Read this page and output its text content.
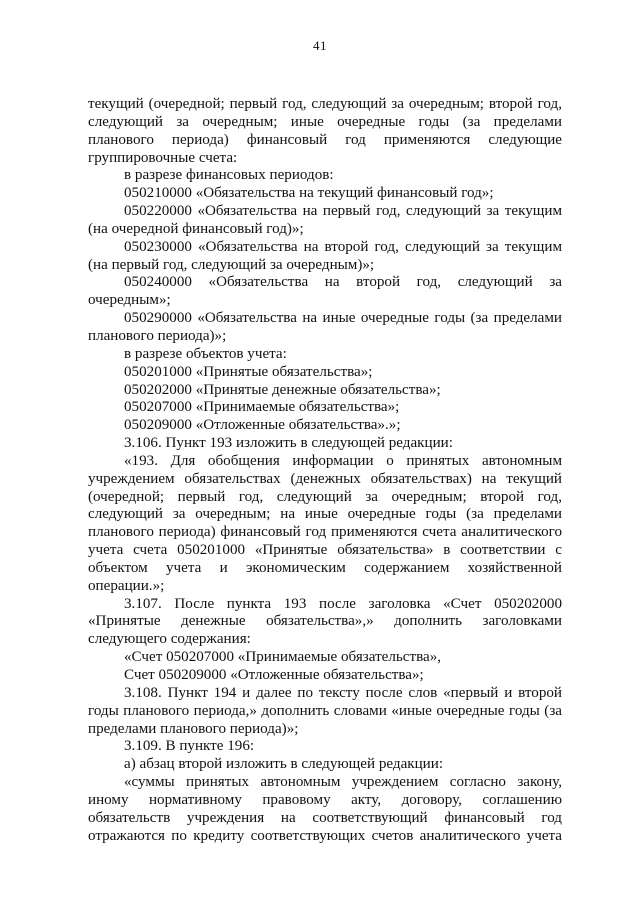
41

текущий (очередной; первый год, следующий за очередным; второй год, следующий за очередным; иные очередные годы (за пределами планового периода) финансовый год применяются следующие группировочные счета:

в разрезе финансовых периодов:

050210000 «Обязательства на текущий финансовый год»;

050220000 «Обязательства на первый год, следующий за текущим (на очередной финансовый год)»;

050230000 «Обязательства на второй год, следующий за текущим (на первый год, следующий за очередным)»;

050240000 «Обязательства на второй год, следующий за очередным»;

050290000 «Обязательства на иные очередные годы (за пределами планового периода)»;

в разрезе объектов учета:

050201000 «Принятые обязательства»;

050202000 «Принятые денежные обязательства»;

050207000 «Принимаемые обязательства»;

050209000 «Отложенные обязательства».»;

3.106. Пункт 193 изложить в следующей редакции:

«193. Для обобщения информации о принятых автономным учреждением обязательствах (денежных обязательствах) на текущий (очередной; первый год, следующий за очередным; второй год, следующий за очередным; на иные очередные годы (за пределами планового периода) финансовый год применяются счета аналитического учета счета 050201000 «Принятые обязательства» в соответствии с объектом учета и экономическим содержанием хозяйственной операции.»;

3.107. После пункта 193 после заголовка «Счет 050202000 «Принятые денежные обязательства»,» дополнить заголовками следующего содержания:

«Счет 050207000 «Принимаемые обязательства»,

Счет 050209000 «Отложенные обязательства»;

3.108. Пункт 194 и далее по тексту после слов «первый и второй годы планового периода,» дополнить словами «иные очередные годы (за пределами планового периода)»;

3.109. В пункте 196:

а) абзац второй изложить в следующей редакции:

«суммы принятых автономным учреждением согласно закону, иному нормативному правовому акту, договору, соглашению обязательств учреждения на соответствующий финансовый год отражаются по кредиту соответствующих счетов аналитического учета
